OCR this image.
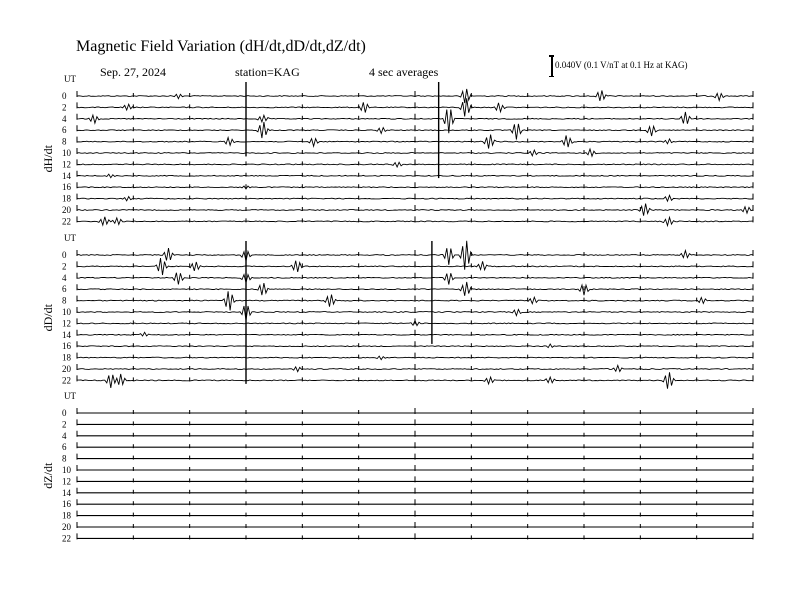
Magnetic Field Variation (dH/dt,dD/dt,dZ/dt)
Sep. 27, 2024	station=KAG	4 sec averages	0.040V (0.1 V/nT at 0.1 Hz at KAG)
UT
dH/dt
0
2
4
6
8
10
12
14
16
18
20
22
UT
dD/dt
0
2
4
6
8
10
12
14
16
18
20
22
UT
dZ/dt
0
2
4
6
8
10
12
14
16
18
20
22
